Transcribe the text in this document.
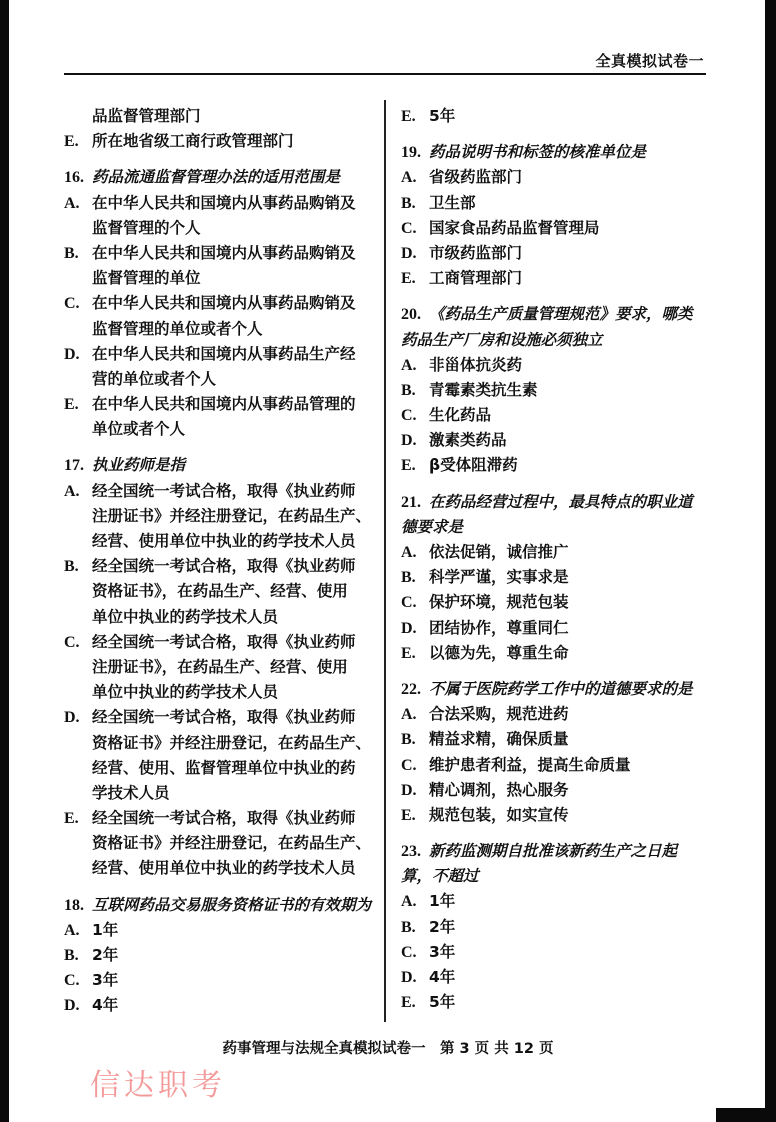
全真模拟试卷一
品监督管理部门
E. 所在地省级工商行政管理部门
16. 药品流通监督管理办法的适用范围是
A. 在中华人民共和国境内从事药品购销及
监督管理的个人
B. 在中华人民共和国境内从事药品购销及
监督管理的单位
C. 在中华人民共和国境内从事药品购销及
监督管理的单位或者个人
D. 在中华人民共和国境内从事药品生产经
营的单位或者个人
E. 在中华人民共和国境内从事药品管理的
单位或者个人
17. 执业药师是指
A. 经全国统一考试合格，取得《执业药师
注册证书》并经注册登记，在药品生产、
经营、使用单位中执业的药学技术人员
B. 经全国统一考试合格，取得《执业药师
资格证书》，在药品生产、经营、使用
单位中执业的药学技术人员
C. 经全国统一考试合格，取得《执业药师
注册证书》，在药品生产、经营、使用
单位中执业的药学技术人员
D. 经全国统一考试合格，取得《执业药师
资格证书》并经注册登记，在药品生产、
经营、使用、监督管理单位中执业的药
学技术人员
E. 经全国统一考试合格，取得《执业药师
资格证书》并经注册登记，在药品生产、
经营、使用单位中执业的药学技术人员
18. 互联网药品交易服务资格证书的有效期为
A. 1年
B. 2年
C. 3年
D. 4年
E. 5年
19. 药品说明书和标签的核准单位是
A. 省级药监部门
B. 卫生部
C. 国家食品药品监督管理局
D. 市级药监部门
E. 工商管理部门
20. 《药品生产质量管理规范》要求，哪类
药品生产厂房和设施必须独立
A. 非甾体抗炎药
B. 青霉素类抗生素
C. 生化药品
D. 激素类药品
E. β受体阻滞药
21. 在药品经营过程中，最具特点的职业道
德要求是
A. 依法促销，诚信推广
B. 科学严谨，实事求是
C. 保护环境，规范包装
D. 团结协作，尊重同仁
E. 以德为先，尊重生命
22. 不属于医院药学工作中的道德要求的是
A. 合法采购，规范进药
B. 精益求精，确保质量
C. 维护患者利益，提高生命质量
D. 精心调剂，热心服务
E. 规范包装，如实宣传
23. 新药监测期自批准该新药生产之日起
算，不超过
A. 1年
B. 2年
C. 3年
D. 4年
E. 5年
信达职考
药事管理与法规全真模拟试卷一　第 3 页 共 12 页
